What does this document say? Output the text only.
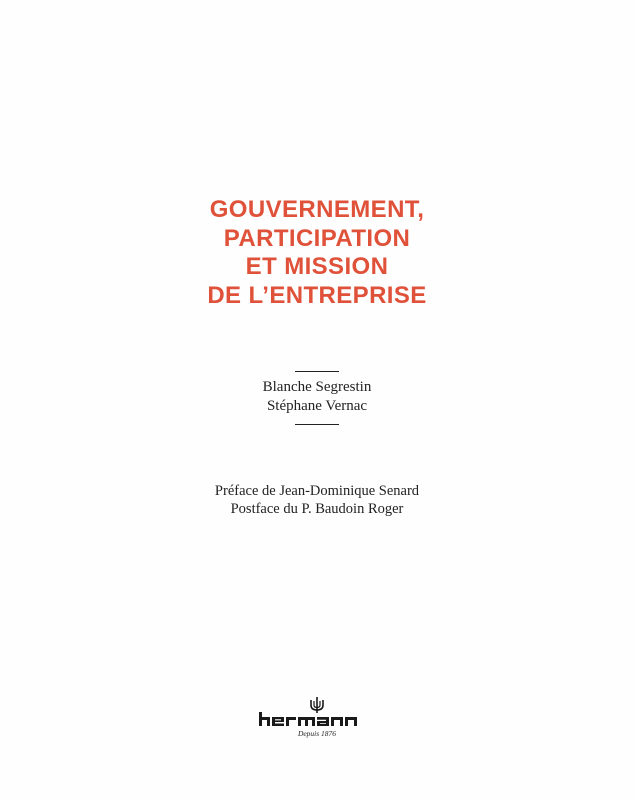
GOUVERNEMENT,
PARTICIPATION
ET MISSION
DE L’ENTREPRISE
Blanche Segrestin
Stéphane Vernac
Préface de Jean-Dominique Senard
Postface du P. Baudoin Roger
Depuis 1876
